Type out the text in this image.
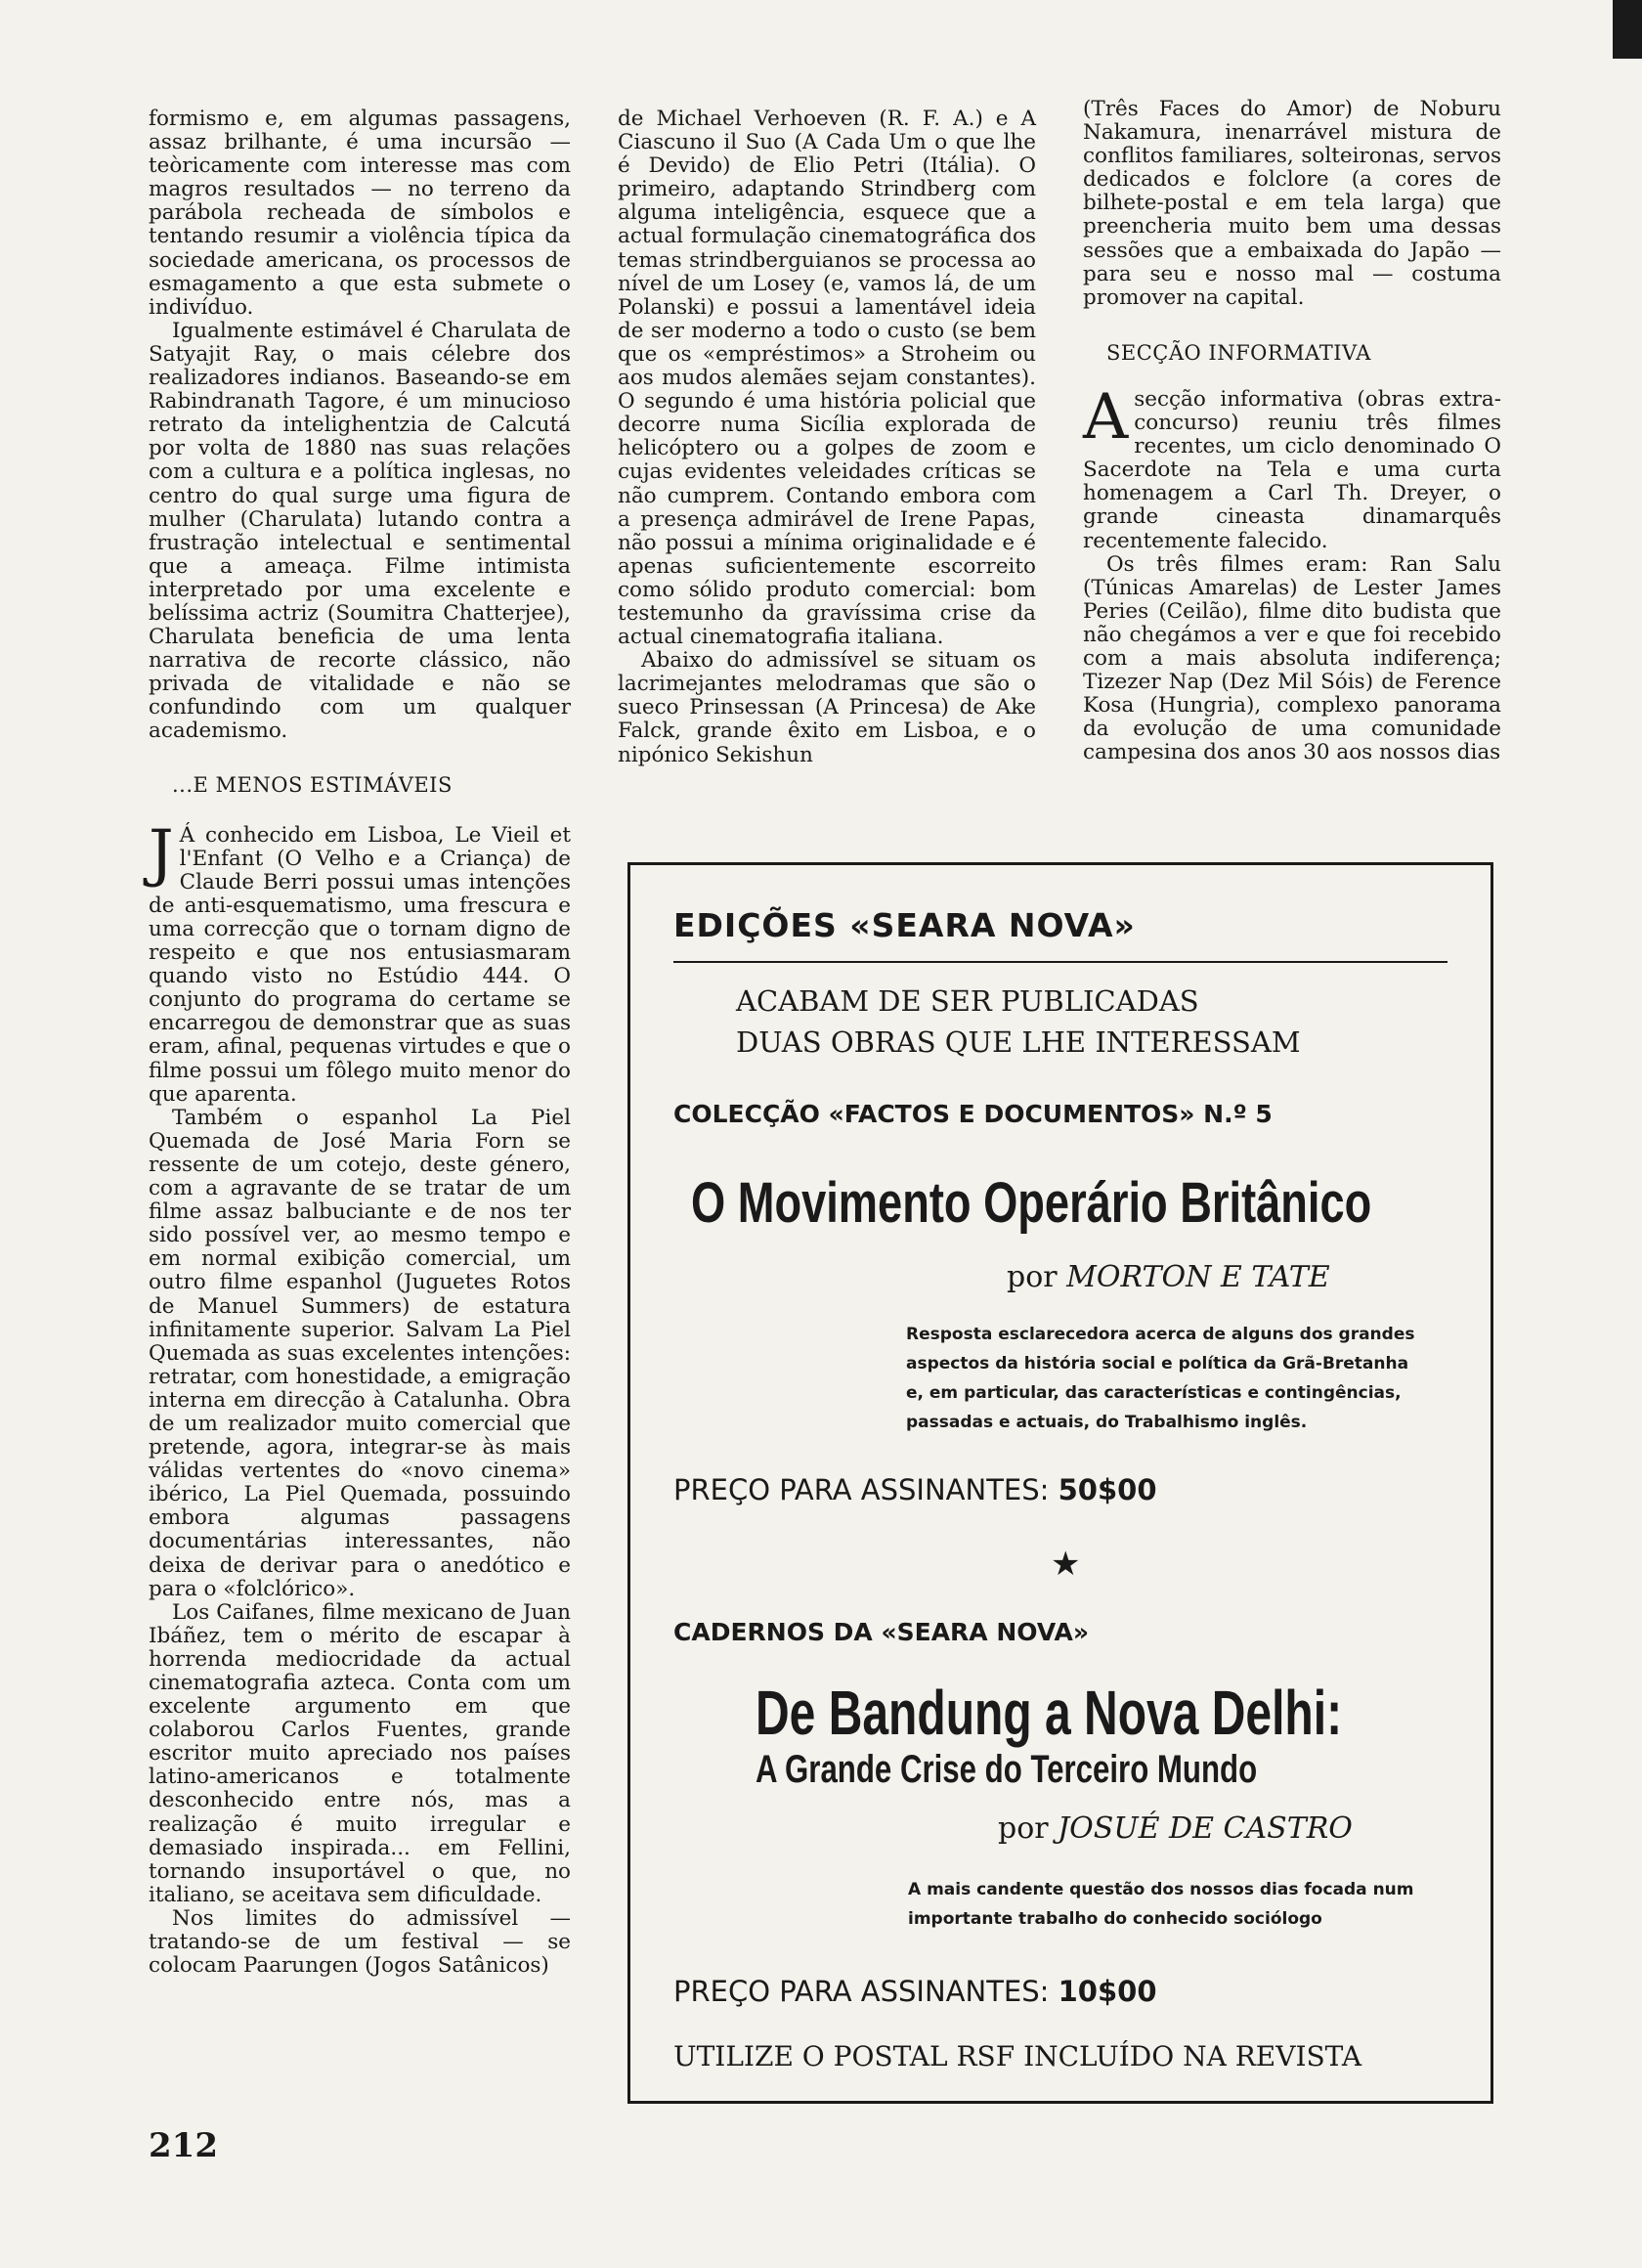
formismo e, em algumas passagens, assaz brilhante, é uma incursão — teòricamente com interesse mas com magros resultados — no terreno da parábola recheada de símbolos e tentando resumir a violência típica da sociedade americana, os processos de esmagamento a que esta submete o indivíduo.

Igualmente estimável é Charulata de Satyajit Ray, o mais célebre dos realizadores indianos. Baseando-se em Rabindranath Tagore, é um minucioso retrato da intelighentzia de Calcutá por volta de 1880 nas suas relações com a cultura e a política inglesas, no centro do qual surge uma figura de mulher (Charulata) lutando contra a frustração intelectual e sentimental que a ameaça. Filme intimista interpretado por uma excelente e belíssima actriz (Soumitra Chatterjee), Charulata beneficia de uma lenta narrativa de recorte clássico, não privada de vitalidade e não se confundindo com um qualquer academismo.

...E MENOS ESTIMÁVEIS

J Á conhecido em Lisboa, Le Vieil et l'Enfant (O Velho e a Criança) de Claude Berri possui umas intenções de anti-esquematismo, uma frescura e uma correcção que o tornam digno de respeito e que nos entusiasmaram quando visto no Estúdio 444. O conjunto do programa do certame se encarregou de demonstrar que as suas eram, afinal, pequenas virtudes e que o filme possui um fôlego muito menor do que aparenta.

Também o espanhol La Piel Quemada de José Maria Forn se ressente de um cotejo, deste género, com a agravante de se tratar de um filme assaz balbuciante e de nos ter sido possível ver, ao mesmo tempo e em normal exibição comercial, um outro filme espanhol (Juguetes Rotos de Manuel Summers) de estatura infinitamente superior. Salvam La Piel Quemada as suas excelentes intenções: retratar, com honestidade, a emigração interna em direcção à Catalunha. Obra de um realizador muito comercial que pretende, agora, integrar-se às mais válidas vertentes do «novo cinema» ibérico, La Piel Quemada, possuindo embora algumas passagens documentárias interessantes, não deixa de derivar para o anedótico e para o «folclórico».

Los Caifanes, filme mexicano de Juan Ibáñez, tem o mérito de escapar à horrenda mediocridade da actual cinematografia azteca. Conta com um excelente argumento em que colaborou Carlos Fuentes, grande escritor muito apreciado nos países latino-americanos e totalmente desconhecido entre nós, mas a realização é muito irregular e demasiado inspirada... em Fellini, tornando insuportável o que, no italiano, se aceitava sem dificuldade.

Nos limites do admissível — tratando-se de um festival — se colocam Paarungen (Jogos Satânicos)

de Michael Verhoeven (R. F. A.) e A Ciascuno il Suo (A Cada Um o que lhe é Devido) de Elio Petri (Itália). O primeiro, adaptando Strindberg com alguma inteligência, esquece que a actual formulação cinematográfica dos temas strindberguianos se processa ao nível de um Losey (e, vamos lá, de um Polanski) e possui a lamentável ideia de ser moderno a todo o custo (se bem que os «empréstimos» a Stroheim ou aos mudos alemães sejam constantes). O segundo é uma história policial que decorre numa Sicília explorada de helicóptero ou a golpes de zoom e cujas evidentes veleidades críticas se não cumprem. Contando embora com a presença admirável de Irene Papas, não possui a mínima originalidade e é apenas suficientemente escorreito como sólido produto comercial: bom testemunho da gravíssima crise da actual cinematografia italiana.

Abaixo do admissível se situam os lacrimejantes melodramas que são o sueco Prinsessan (A Princesa) de Ake Falck, grande êxito em Lisboa, e o nipónico Sekishun

(Três Faces do Amor) de Noburu Nakamura, inenarrável mistura de conflitos familiares, solteironas, servos dedicados e folclore (a cores de bilhete-postal e em tela larga) que preencheria muito bem uma dessas sessões que a embaixada do Japão — para seu e nosso mal — costuma promover na capital.

SECÇÃO INFORMATIVA

Asecção informativa (obras extra-concurso) reuniu três filmes recentes, um ciclo denominado O Sacerdote na Tela e uma curta homenagem a Carl Th. Dreyer, o grande cineasta dinamarquês recentemente falecido.

Os três filmes eram: Ran Salu (Túnicas Amarelas) de Lester James Peries (Ceilão), filme dito budista que não chegámos a ver e que foi recebido com a mais absoluta indiferença; Tizezer Nap (Dez Mil Sóis) de Ference Kosa (Hungria), complexo panorama da evolução de uma comunidade campesina dos anos 30 aos nossos dias

212

EDIÇÕES «SEARA NOVA»

ACABAM DE SER PUBLICADAS

DUAS OBRAS QUE LHE INTERESSAM

COLECÇÃO «FACTOS E DOCUMENTOS» N.º 5

O Movimento Operário Britânico

por MORTON E TATE

Resposta esclarecedora acerca de alguns dos grandes

aspectos da história social e política da Grã-Bretanha

e, em particular, das características e contingências,

passadas e actuais, do Trabalhismo inglês.

PREÇO PARA ASSINANTES: 50$00

★

CADERNOS DA «SEARA NOVA»

De Bandung a Nova Delhi:

A Grande Crise do Terceiro Mundo

por JOSUÉ DE CASTRO

A mais candente questão dos nossos dias focada num

importante trabalho do conhecido sociólogo

PREÇO PARA ASSINANTES: 10$00

UTILIZE O POSTAL RSF INCLUÍDO NA REVISTA
